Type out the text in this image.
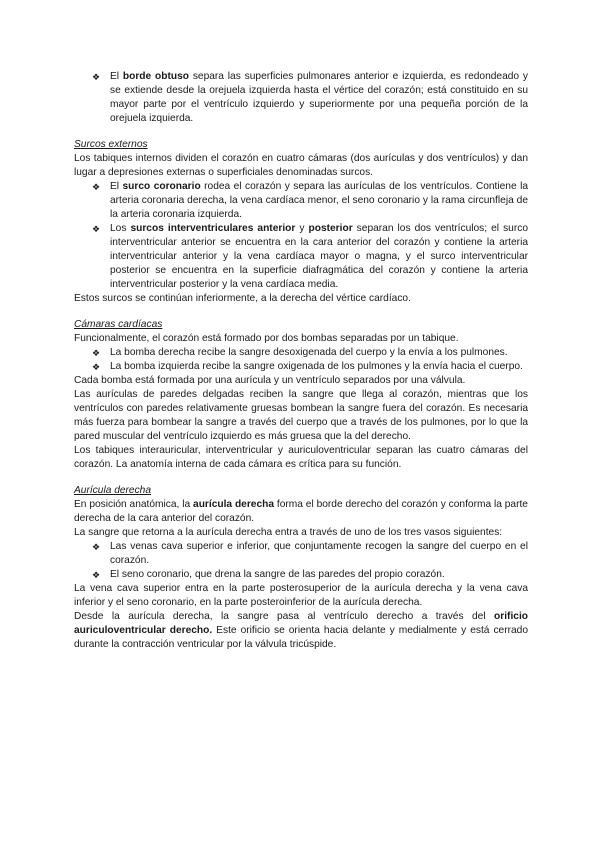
❖ El borde obtuso separa las superficies pulmonares anterior e izquierda, es redondeado y se extiende desde la orejuela izquierda hasta el vértice del corazón; está constituido en su mayor parte por el ventrículo izquierdo y superiormente por una pequeña porción de la orejuela izquierda.

Surcos externos

Los tabiques internos dividen el corazón en cuatro cámaras (dos aurículas y dos ventrículos) y dan lugar a depresiones externas o superficiales denominadas surcos.

❖ El surco coronario rodea el corazón y separa las aurículas de los ventrículos. Contiene la arteria coronaria derecha, la vena cardíaca menor, el seno coronario y la rama circunfleja de la arteria coronaria izquierda.
❖ Los surcos interventriculares anterior y posterior separan los dos ventrículos; el surco interventricular anterior se encuentra en la cara anterior del corazón y contiene la arteria interventricular anterior y la vena cardíaca mayor o magna, y el surco interventricular posterior se encuentra en la superficie diafragmática del corazón y contiene la arteria interventricular posterior y la vena cardíaca media.

Estos surcos se continúan inferiormente, a la derecha del vértice cardíaco.

Cámaras cardíacas

Funcionalmente, el corazón está formado por dos bombas separadas por un tabique.

❖ La bomba derecha recibe la sangre desoxigenada del cuerpo y la envía a los pulmones.
❖ La bomba izquierda recibe la sangre oxigenada de los pulmones y la envía hacia el cuerpo.

Cada bomba está formada por una aurícula y un ventrículo separados por una válvula.

Las aurículas de paredes delgadas reciben la sangre que llega al corazón, mientras que los ventrículos con paredes relativamente gruesas bombean la sangre fuera del corazón. Es necesaria más fuerza para bombear la sangre a través del cuerpo que a través de los pulmones, por lo que la pared muscular del ventrículo izquierdo es más gruesa que la del derecho.

Los tabiques interauricular, interventricular y auriculoventricular separan las cuatro cámaras del corazón. La anatomía interna de cada cámara es crítica para su función.

Aurícula derecha

En posición anatómica, la aurícula derecha forma el borde derecho del corazón y conforma la parte derecha de la cara anterior del corazón.

La sangre que retorna a la aurícula derecha entra a través de uno de los tres vasos siguientes:

❖ Las venas cava superior e inferior, que conjuntamente recogen la sangre del cuerpo en el corazón.
❖ El seno coronario, que drena la sangre de las paredes del propio corazón.

La vena cava superior entra en la parte posterosuperior de la aurícula derecha y la vena cava inferior y el seno coronario, en la parte posteroinferior de la aurícula derecha.

Desde la aurícula derecha, la sangre pasa al ventrículo derecho a través del orificio auriculoventricular derecho. Este orificio se orienta hacia delante y medialmente y está cerrado durante la contracción ventricular por la válvula tricúspide.
